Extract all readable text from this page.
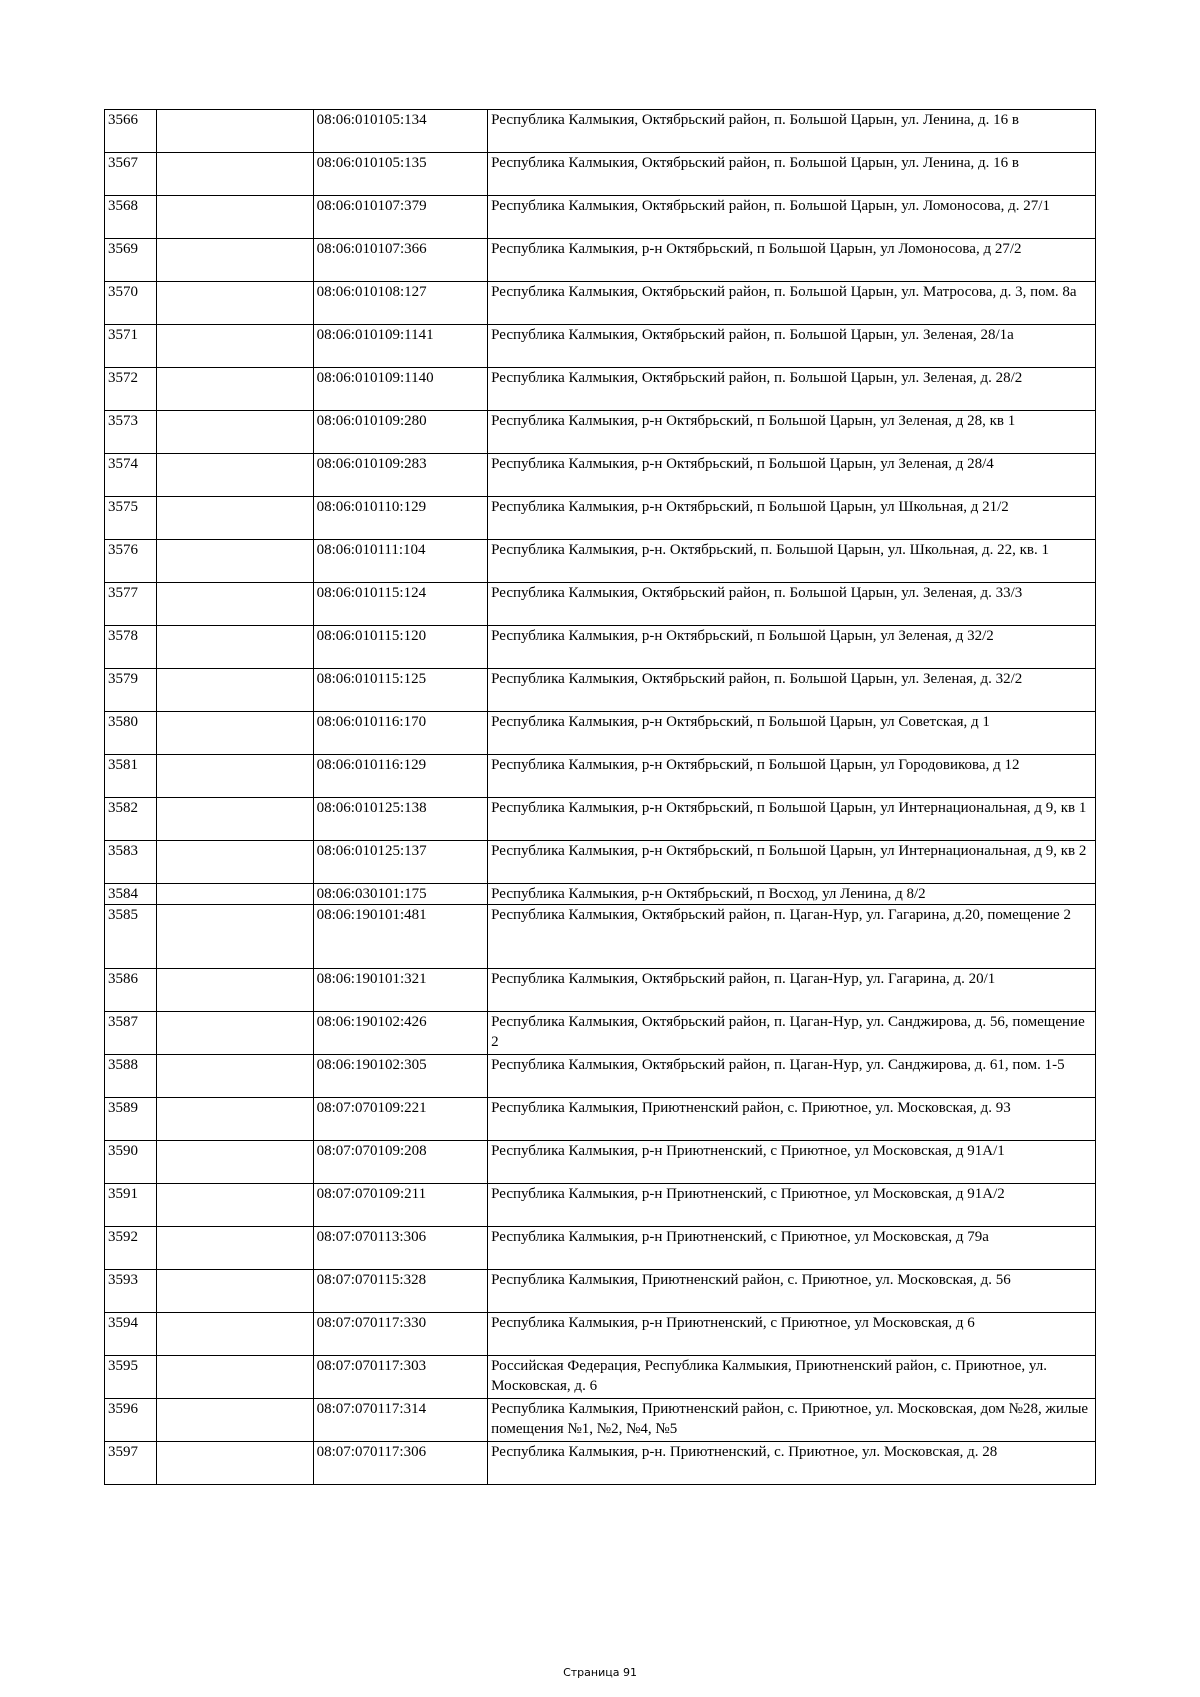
3566		08:06:010105:134	Республика Калмыкия, Октябрьский район, п. Большой Царын, ул. Ленина, д. 16 в
3567		08:06:010105:135	Республика Калмыкия, Октябрьский район, п. Большой Царын, ул. Ленина, д. 16 в
3568		08:06:010107:379	Республика Калмыкия, Октябрьский район, п. Большой Царын, ул. Ломоносова, д. 27/1
3569		08:06:010107:366	Республика Калмыкия, р-н Октябрьский, п Большой Царын, ул Ломоносова, д 27/2
3570		08:06:010108:127	Республика Калмыкия, Октябрьский район, п. Большой Царын, ул. Матросова, д. 3, пом. 8а
3571		08:06:010109:1141	Республика Калмыкия, Октябрьский район, п. Большой Царын, ул. Зеленая, 28/1а
3572		08:06:010109:1140	Республика Калмыкия, Октябрьский район, п. Большой Царын, ул. Зеленая, д. 28/2
3573		08:06:010109:280	Республика Калмыкия, р-н Октябрьский, п Большой Царын, ул Зеленая, д 28, кв 1
3574		08:06:010109:283	Республика Калмыкия, р-н Октябрьский, п Большой Царын, ул Зеленая, д 28/4
3575		08:06:010110:129	Республика Калмыкия, р-н Октябрьский, п Большой Царын, ул Школьная, д 21/2
3576		08:06:010111:104	Республика Калмыкия, р-н. Октябрьский, п. Большой Царын, ул. Школьная, д. 22, кв. 1
3577		08:06:010115:124	Республика Калмыкия, Октябрьский район, п. Большой Царын, ул. Зеленая, д. 33/3
3578		08:06:010115:120	Республика Калмыкия, р-н Октябрьский, п Большой Царын, ул Зеленая, д 32/2
3579		08:06:010115:125	Республика Калмыкия, Октябрьский район, п. Большой Царын, ул. Зеленая, д. 32/2
3580		08:06:010116:170	Республика Калмыкия, р-н Октябрьский, п Большой Царын, ул Советская, д 1
3581		08:06:010116:129	Республика Калмыкия, р-н Октябрьский, п Большой Царын, ул Городовикова, д 12
3582		08:06:010125:138	Республика Калмыкия, р-н Октябрьский, п Большой Царын, ул Интернациональная, д 9, кв 1
3583		08:06:010125:137	Республика Калмыкия, р-н Октябрьский, п Большой Царын, ул Интернациональная, д 9, кв 2
3584		08:06:030101:175	Республика Калмыкия, р-н Октябрьский, п Восход, ул Ленина, д 8/2
3585		08:06:190101:481	Республика Калмыкия, Октябрьский район, п. Цаган-Нур, ул. Гагарина, д.20, помещение 2
3586		08:06:190101:321	Республика Калмыкия, Октябрьский район, п. Цаган-Нур, ул. Гагарина, д. 20/1
3587		08:06:190102:426	Республика Калмыкия, Октябрьский район, п. Цаган-Нур, ул. Санджирова, д. 56, помещение 2
3588		08:06:190102:305	Республика Калмыкия, Октябрьский район, п. Цаган-Нур, ул. Санджирова, д. 61, пом. 1-5
3589		08:07:070109:221	Республика Калмыкия, Приютненский район, с. Приютное, ул. Московская, д. 93
3590		08:07:070109:208	Республика Калмыкия, р-н Приютненский, с Приютное, ул Московская, д 91А/1
3591		08:07:070109:211	Республика Калмыкия, р-н Приютненский, с Приютное, ул Московская, д 91А/2
3592		08:07:070113:306	Республика Калмыкия, р-н Приютненский, с Приютное, ул Московская, д 79а
3593		08:07:070115:328	Республика Калмыкия, Приютненский район, с. Приютное, ул. Московская, д. 56
3594		08:07:070117:330	Республика Калмыкия, р-н Приютненский, с Приютное, ул Московская, д 6
3595		08:07:070117:303	Российская Федерация, Республика Калмыкия, Приютненский район, с. Приютное, ул. Московская, д. 6
3596		08:07:070117:314	Республика Калмыкия, Приютненский район, с. Приютное, ул. Московская, дом №28, жилые помещения №1, №2, №4, №5
3597		08:07:070117:306	Республика Калмыкия, р-н. Приютненский, с. Приютное, ул. Московская, д. 28
Страница 91
